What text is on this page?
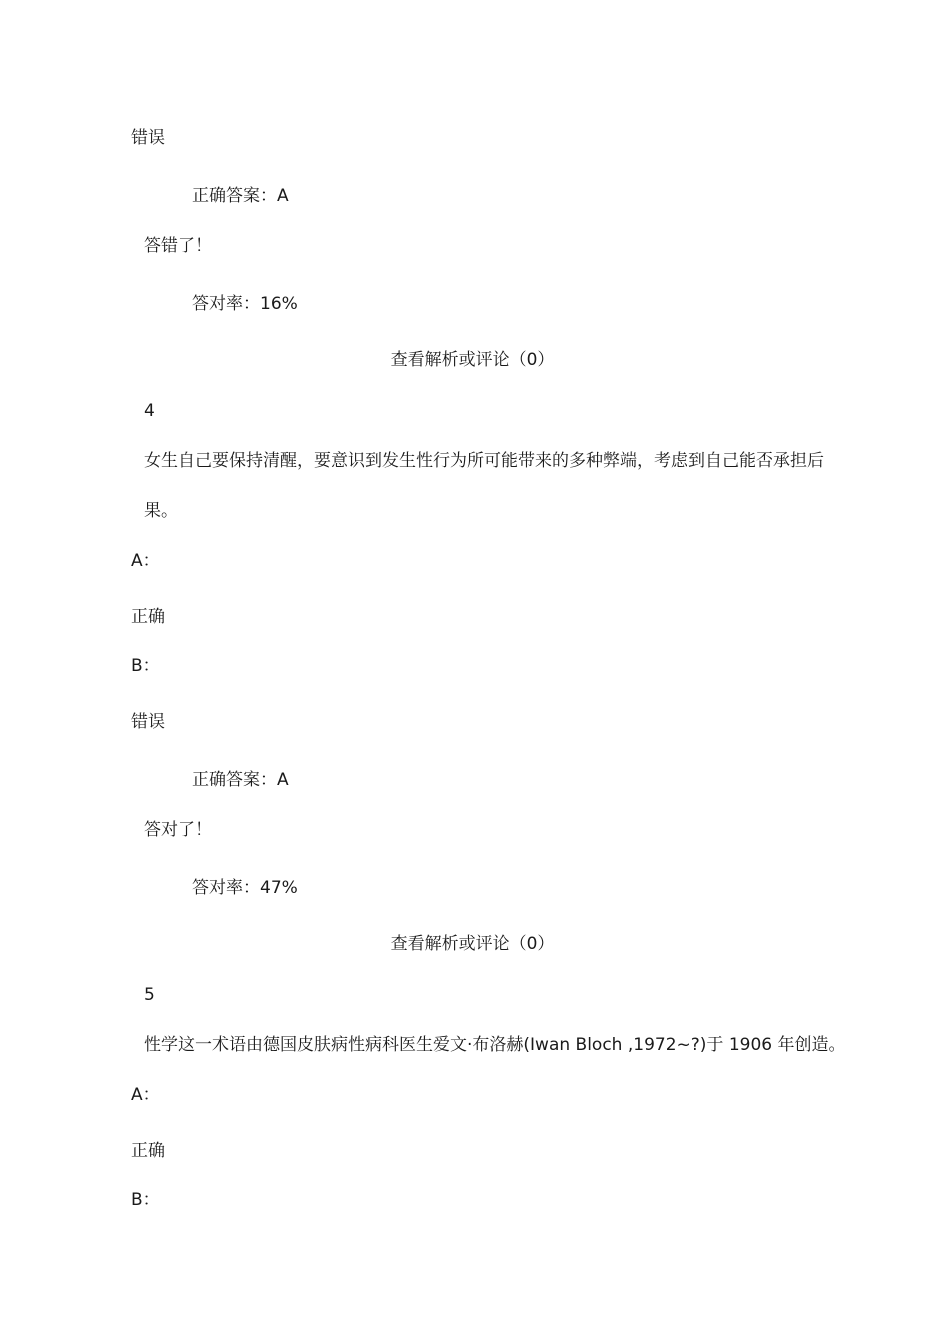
错误
正确答案：A
答错了！
答对率：16%
查看解析或评论（0）
4
女生自己要保持清醒，要意识到发生性行为所可能带来的多种弊端，考虑到自己能否承担后
果。
A：
正确
B：
错误
正确答案：A
答对了！
答对率：47%
查看解析或评论（0）
5
性学这一术语由德国皮肤病性病科医生爱文·布洛赫(Iwan Bloch ,1972~?)于 1906 年创造。
A：
正确
B：
